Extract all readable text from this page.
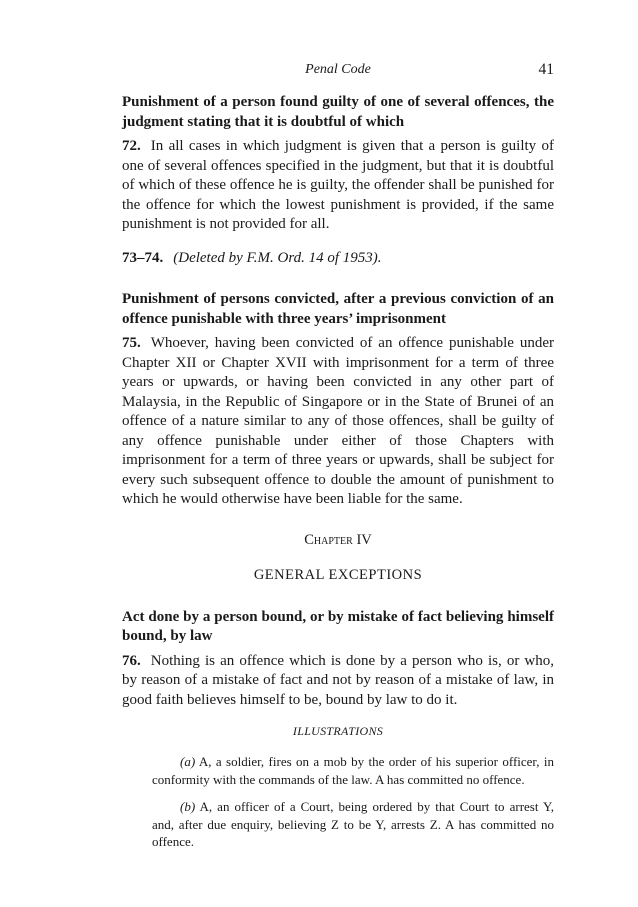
Penal Code	41

Punishment of a person found guilty of one of several offences, the judgment stating that it is doubtful of which

72. In all cases in which judgment is given that a person is guilty of one of several offences specified in the judgment, but that it is doubtful of which of these offence he is guilty, the offender shall be punished for the offence for which the lowest punishment is provided, if the same punishment is not provided for all.

73–74. (Deleted by F.M. Ord. 14 of 1953).

Punishment of persons convicted, after a previous conviction of an offence punishable with three years’ imprisonment

75. Whoever, having been convicted of an offence punishable under Chapter XII or Chapter XVII with imprisonment for a term of three years or upwards, or having been convicted in any other part of Malaysia, in the Republic of Singapore or in the State of Brunei of an offence of a nature similar to any of those offences, shall be guilty of any offence punishable under either of those Chapters with imprisonment for a term of three years or upwards, shall be subject for every such subsequent offence to double the amount of punishment to which he would otherwise have been liable for the same.

Chapter IV
GENERAL EXCEPTIONS

Act done by a person bound, or by mistake of fact believing himself bound, by law

76. Nothing is an offence which is done by a person who is, or who, by reason of a mistake of fact and not by reason of a mistake of law, in good faith believes himself to be, bound by law to do it.

ILLUSTRATIONS

(a) A, a soldier, fires on a mob by the order of his superior officer, in conformity with the commands of the law. A has committed no offence.

(b) A, an officer of a Court, being ordered by that Court to arrest Y, and, after due enquiry, believing Z to be Y, arrests Z. A has committed no offence.
